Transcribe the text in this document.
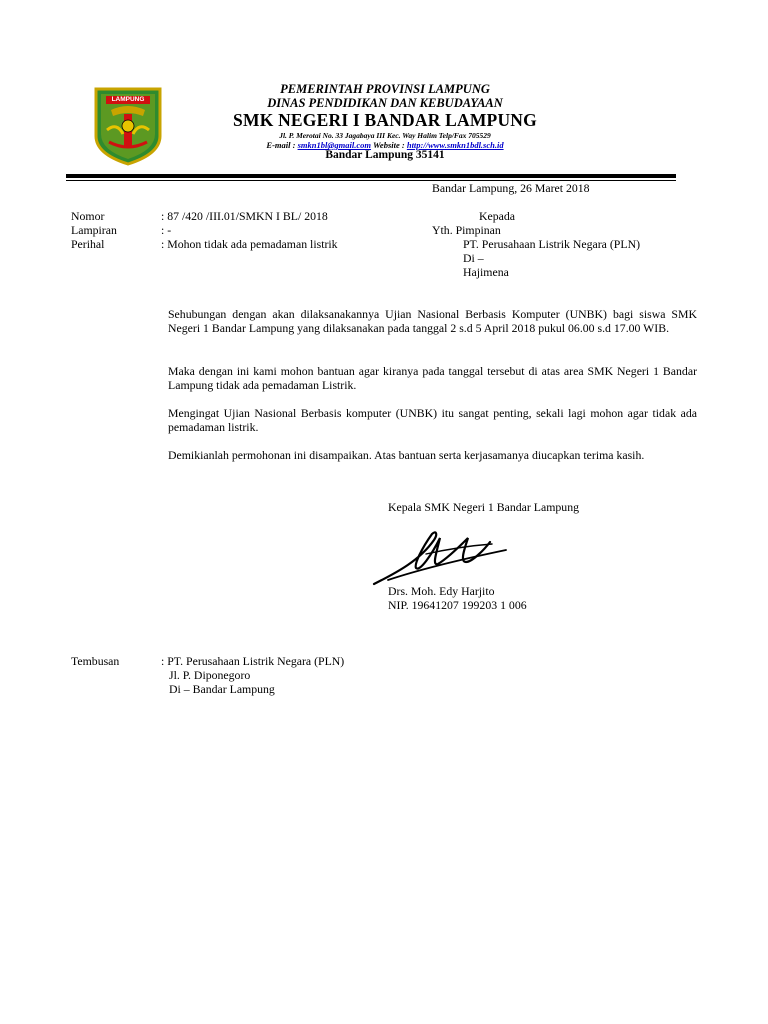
LAMPUNG
PEMERINTAH PROVINSI LAMPUNG
DINAS PENDIDIKAN DAN KEBUDAYAAN
SMK NEGERI I BANDAR LAMPUNG
Jl. P. Merotai No. 33 Jagabaya III Kec. Way Halim Telp/Fax 705529
E-mail : smkn1bl@gmail.com Website : http://www.smkn1bdl.sch.id
Bandar Lampung 35141
Bandar Lampung, 26 Maret 2018
Nomor	: 87 /420 /III.01/SMKN I BL/ 2018
Lampiran	: -
Perihal	: Mohon tidak ada pemadaman listrik
Kepada
Yth. Pimpinan
PT. Perusahaan Listrik Negara (PLN)
Di –
Hajimena
Sehubungan dengan akan dilaksanakannya Ujian Nasional Berbasis Komputer (UNBK) bagi siswa SMK Negeri 1 Bandar Lampung yang dilaksanakan pada tanggal 2 s.d 5 April 2018 pukul 06.00 s.d 17.00 WIB.
Maka dengan ini kami mohon bantuan agar kiranya pada tanggal tersebut di atas area SMK Negeri 1 Bandar Lampung tidak ada pemadaman Listrik.
Mengingat Ujian Nasional Berbasis komputer (UNBK) itu sangat penting, sekali lagi mohon agar tidak ada pemadaman listrik.
Demikianlah permohonan ini disampaikan. Atas bantuan serta kerjasamanya diucapkan terima kasih.
Kepala SMK Negeri 1 Bandar Lampung
Drs. Moh. Edy Harjito
NIP. 19641207 199203 1 006
Tembusan	: PT. Perusahaan Listrik Negara (PLN)
Jl. P. Diponegoro
Di – Bandar Lampung
